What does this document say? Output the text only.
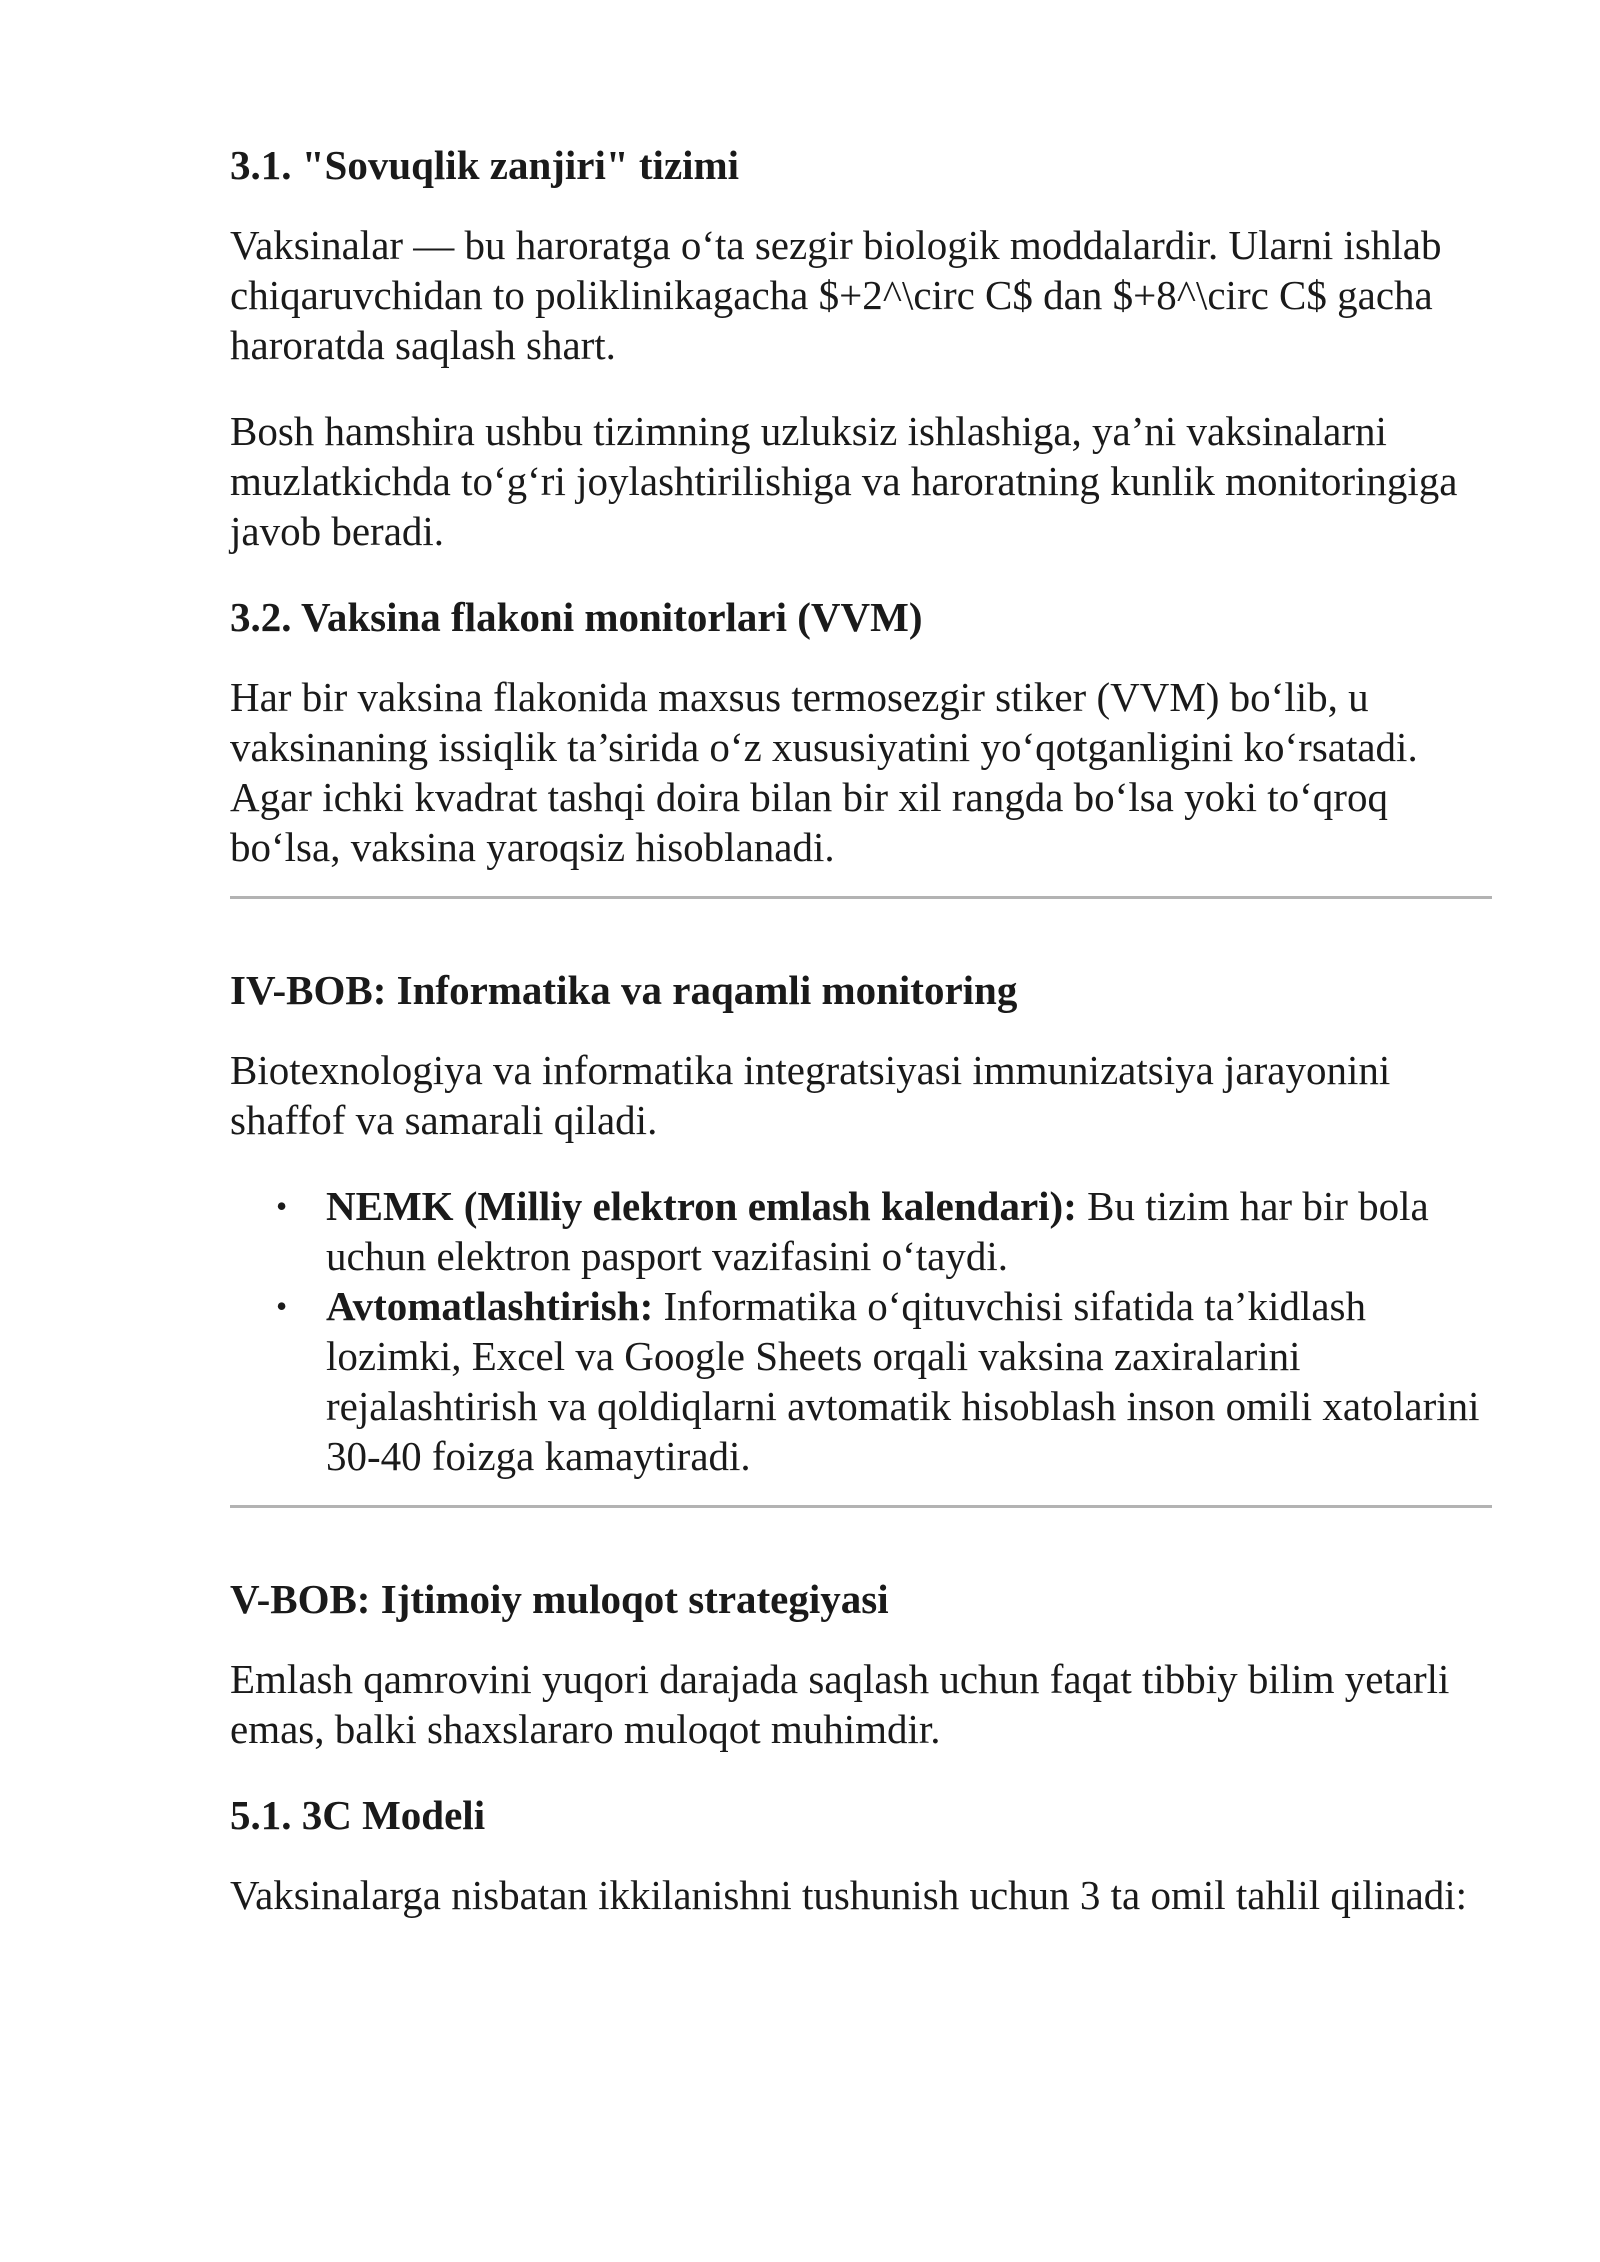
3.1. "Sovuqlik zanjiri" tizimi

Vaksinalar — bu haroratga o‘ta sezgir biologik moddalardir. Ularni ishlab chiqaruvchidan to poliklinikagacha $+2^\circ C$ dan $+8^\circ C$ gacha haroratda saqlash shart.

Bosh hamshira ushbu tizimning uzluksiz ishlashiga, ya’ni vaksinalarni muzlatkichda to‘g‘ri joylashtirilishiga va haroratning kunlik monitoringiga javob beradi.

3.2. Vaksina flakoni monitorlari (VVM)

Har bir vaksina flakonida maxsus termosezgir stiker (VVM) bo‘lib, u vaksinaning issiqlik ta’sirida o‘z xususiyatini yo‘qotganligini ko‘rsatadi. Agar ichki kvadrat tashqi doira bilan bir xil rangda bo‘lsa yoki to‘qroq bo‘lsa, vaksina yaroqsiz hisoblanadi.

IV-BOB: Informatika va raqamli monitoring

Biotexnologiya va informatika integratsiyasi immunizatsiya jarayonini shaffof va samarali qiladi.

• NEMK (Milliy elektron emlash kalendari): Bu tizim har bir bola uchun elektron pasport vazifasini o‘taydi.
• Avtomatlashtirish: Informatika o‘qituvchisi sifatida ta’kidlash lozimki, Excel va Google Sheets orqali vaksina zaxiralarini rejalashtirish va qoldiqlarni avtomatik hisoblash inson omili xatolarini 30-40 foizga kamaytiradi.
V-BOB: Ijtimoiy muloqot strategiyasi

Emlash qamrovini yuqori darajada saqlash uchun faqat tibbiy bilim yetarli emas, balki shaxslararo muloqot muhimdir.

5.1. 3C Modeli

Vaksinalarga nisbatan ikkilanishni tushunish uchun 3 ta omil tahlil qilinadi:
